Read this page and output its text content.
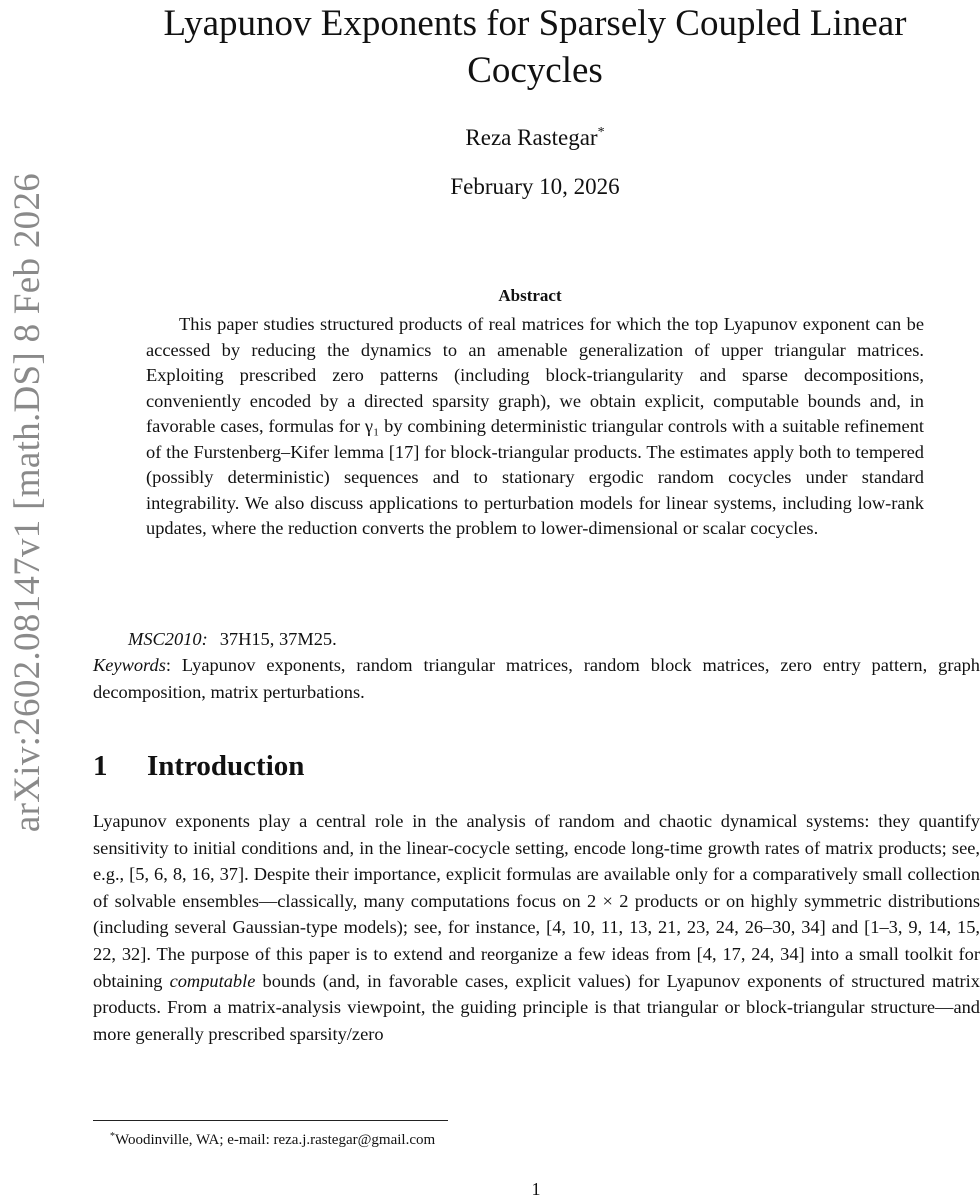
arXiv:2602.08147v1 [math.DS] 8 Feb 2026
Lyapunov Exponents for Sparsely Coupled Linear Cocycles
Reza Rastegar*
February 10, 2026
Abstract

This paper studies structured products of real matrices for which the top Lyapunov exponent can be accessed by reducing the dynamics to an amenable generalization of upper triangular matrices. Exploiting prescribed zero patterns (including block-triangularity and sparse decompositions, conveniently encoded by a directed sparsity graph), we obtain explicit, computable bounds and, in favorable cases, formulas for γ₁ by combining deterministic triangular controls with a suitable refinement of the Furstenberg–Kifer lemma [17] for block-triangular products. The estimates apply both to tempered (possibly deterministic) sequences and to stationary ergodic random cocycles under standard integrability. We also discuss applications to perturbation models for linear systems, including low-rank updates, where the reduction converts the problem to lower-dimensional or scalar cocycles.

MSC2010: 37H15, 37M25.

Keywords: Lyapunov exponents, random triangular matrices, random block matrices, zero entry pattern, graph decomposition, matrix perturbations.

1 Introduction

Lyapunov exponents play a central role in the analysis of random and chaotic dynamical systems: they quantify sensitivity to initial conditions and, in the linear-cocycle setting, encode long-time growth rates of matrix products; see, e.g., [5, 6, 8, 16, 37]. Despite their importance, explicit formulas are available only for a comparatively small collection of solvable ensembles—classically, many computations focus on 2 × 2 products or on highly symmetric distributions (including several Gaussian-type models); see, for instance, [4, 10, 11, 13, 21, 23, 24, 26–30, 34] and [1–3, 9, 14, 15, 22, 32]. The purpose of this paper is to extend and reorganize a few ideas from [4, 17, 24, 34] into a small toolkit for obtaining computable bounds (and, in favorable cases, explicit values) for Lyapunov exponents of structured matrix products. From a matrix-analysis viewpoint, the guiding principle is that triangular or block-triangular structure—and more generally prescribed sparsity/zero

*Woodinville, WA; e-mail: reza.j.rastegar@gmail.com
1
